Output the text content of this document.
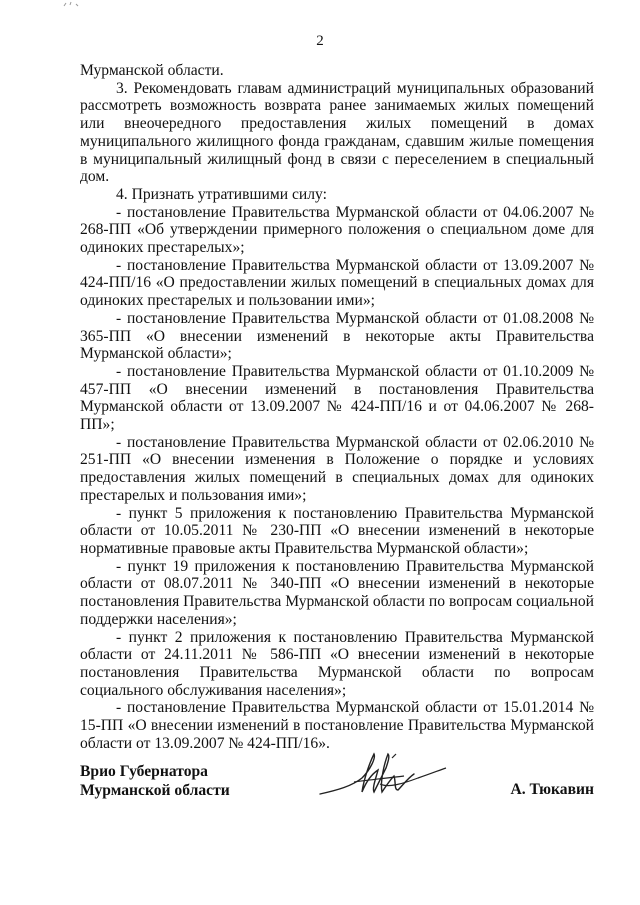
2

Мурманской области.

3. Рекомендовать главам администраций муниципальных образований рассмотреть возможность возврата ранее занимаемых жилых помещений или внеочередного предоставления жилых помещений в домах муниципального жилищного фонда гражданам, сдавшим жилые помещения в муниципальный жилищный фонд в связи с переселением в специальный дом.

4. Признать утратившими силу:

- постановление Правительства Мурманской области от 04.06.2007 № 268-ПП «Об утверждении примерного положения о специальном доме для одиноких престарелых»;

- постановление Правительства Мурманской области от 13.09.2007 № 424-ПП/16 «О предоставлении жилых помещений в специальных домах для одиноких престарелых и пользовании ими»;

- постановление Правительства Мурманской области от 01.08.2008 № 365-ПП «О внесении изменений в некоторые акты Правительства Мурманской области»;

- постановление Правительства Мурманской области от 01.10.2009 № 457-ПП «О внесении изменений в постановления Правительства Мурманской области от 13.09.2007 № 424-ПП/16 и от 04.06.2007 № 268-ПП»;

- постановление Правительства Мурманской области от 02.06.2010 № 251-ПП «О внесении изменения в Положение о порядке и условиях предоставления жилых помещений в специальных домах для одиноких престарелых и пользования ими»;

- пункт 5 приложения к постановлению Правительства Мурманской области от 10.05.2011 № 230-ПП «О внесении изменений в некоторые нормативные правовые акты Правительства Мурманской области»;

- пункт 19 приложения к постановлению Правительства Мурманской области от 08.07.2011 № 340-ПП «О внесении изменений в некоторые постановления Правительства Мурманской области по вопросам социальной поддержки населения»;

- пункт 2 приложения к постановлению Правительства Мурманской области от 24.11.2011 № 586-ПП «О внесении изменений в некоторые постановления Правительства Мурманской области по вопросам социального обслуживания населения»;

- постановление Правительства Мурманской области от 15.01.2014 № 15-ПП «О внесении изменений в постановление Правительства Мурманской области от 13.09.2007 № 424-ПП/16».

Врио Губернатора
Мурманской области	А. Тюкавин
